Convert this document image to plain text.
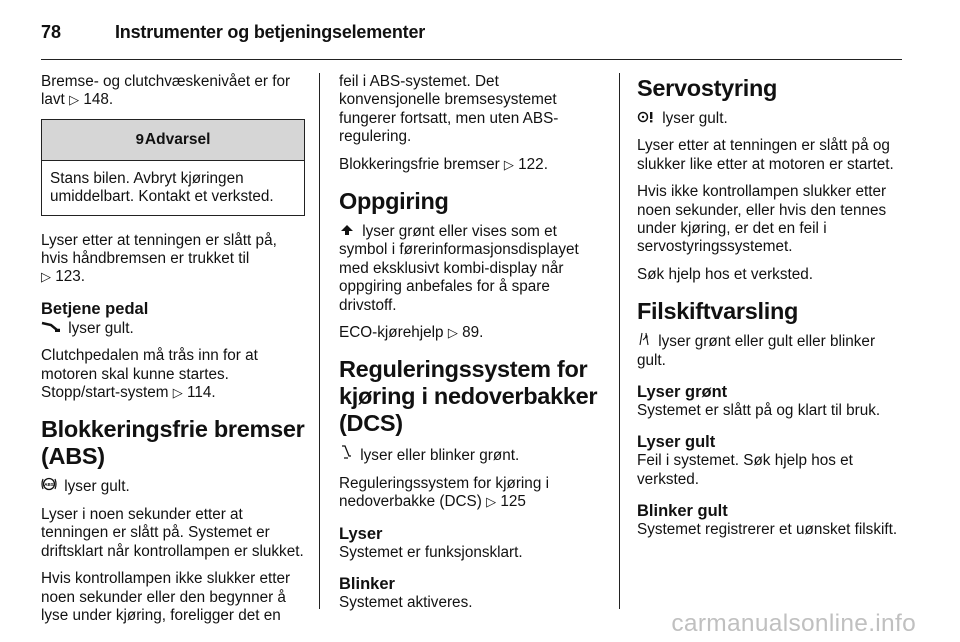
78	Instrumenter og betjeningselementer

Bremse- og clutchvæskenivået er for lavt ▷ 148.

9 Advarsel
Stans bilen. Avbryt kjøringen umiddelbart. Kontakt et verksted.

Lyser etter at tenningen er slått på, hvis håndbremsen er trukket til
▷ 123.

Betjene pedal

lyser gult.

Clutchpedalen må trås inn for at motoren skal kunne startes. Stopp/start-system ▷ 114.

Blokkeringsfrie bremser (ABS)

ABS lyser gult.

Lyser i noen sekunder etter at tenningen er slått på. Systemet er driftsklart når kontrollampen er slukket.

Hvis kontrollampen ikke slukker etter noen sekunder eller den begynner å lyse under kjøring, foreligger det en

feil i ABS-systemet. Det konvensjonelle bremsesystemet fungerer fortsatt, men uten ABS-regulering.

Blokkeringsfrie bremser ▷ 122.

Oppgiring

lyser grønt eller vises som et symbol i førerinformasjonsdisplayet med eksklusivt kombi-display når oppgiring anbefales for å spare drivstoff.

ECO-kjørehjelp ▷ 89.

Reguleringssystem for kjøring i nedoverbakker (DCS)

lyser eller blinker grønt.

Reguleringssystem for kjøring i nedoverbakke (DCS) ▷ 125

Lyser

Systemet er funksjonsklart.

Blinker

Systemet aktiveres.

Servostyring

lyser gult.

Lyser etter at tenningen er slått på og slukker like etter at motoren er startet.

Hvis ikke kontrollampen slukker etter noen sekunder, eller hvis den tennes under kjøring, er det en feil i servostyringssystemet.

Søk hjelp hos et verksted.

Filskiftvarsling

lyser grønt eller gult eller blinker gult.

Lyser grønt

Systemet er slått på og klart til bruk.

Lyser gult

Feil i systemet. Søk hjelp hos et verksted.

Blinker gult

Systemet registrerer et uønsket filskift.

carmanualsonline.info
